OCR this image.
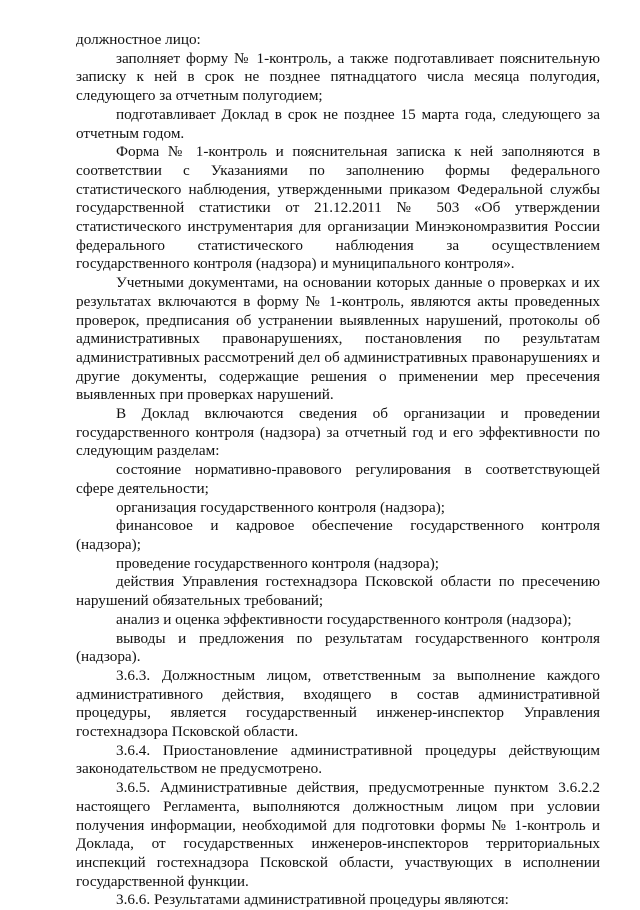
должностное лицо:

заполняет форму № 1-контроль, а также подготавливает пояснительную записку к ней в срок не позднее пятнадцатого числа месяца полугодия, следующего за отчетным полугодием;

подготавливает Доклад в срок не позднее 15 марта года, следующего за отчетным годом.

Форма № 1-контроль и пояснительная записка к ней заполняются в соответствии с Указаниями по заполнению формы федерального статистического наблюдения, утвержденными приказом Федеральной службы государственной статистики от 21.12.2011 № 503 «Об утверждении статистического инструментария для организации Минэкономразвития России федерального статистического наблюдения за осуществлением государственного контроля (надзора) и муниципального контроля».

Учетными документами, на основании которых данные о проверках и их результатах включаются в форму № 1-контроль, являются акты проведенных проверок, предписания об устранении выявленных нарушений, протоколы об административных правонарушениях, постановления по результатам административных рассмотрений дел об административных правонарушениях и другие документы, содержащие решения о применении мер пресечения выявленных при проверках нарушений.

В Доклад включаются сведения об организации и проведении государственного контроля (надзора) за отчетный год и его эффективности по следующим разделам:

состояние нормативно-правового регулирования в соответствующей сфере деятельности;

организация государственного контроля (надзора);

финансовое и кадровое обеспечение государственного контроля (надзора);

проведение государственного контроля (надзора);

действия Управления гостехнадзора Псковской области по пресечению нарушений обязательных требований;

анализ и оценка эффективности государственного контроля (надзора);

выводы и предложения по результатам государственного контроля (надзора).

3.6.3. Должностным лицом, ответственным за выполнение каждого административного действия, входящего в состав административной процедуры, является государственный инженер-инспектор Управления гостехнадзора Псковской области.

3.6.4. Приостановление административной процедуры действующим законодательством не предусмотрено.

3.6.5. Административные действия, предусмотренные пунктом 3.6.2.2 настоящего Регламента, выполняются должностным лицом при условии получения информации, необходимой для подготовки формы № 1-контроль и Доклада, от государственных инженеров-инспекторов территориальных инспекций гостехнадзора Псковской области, участвующих в исполнении государственной функции.

3.6.6. Результатами административной процедуры являются:
